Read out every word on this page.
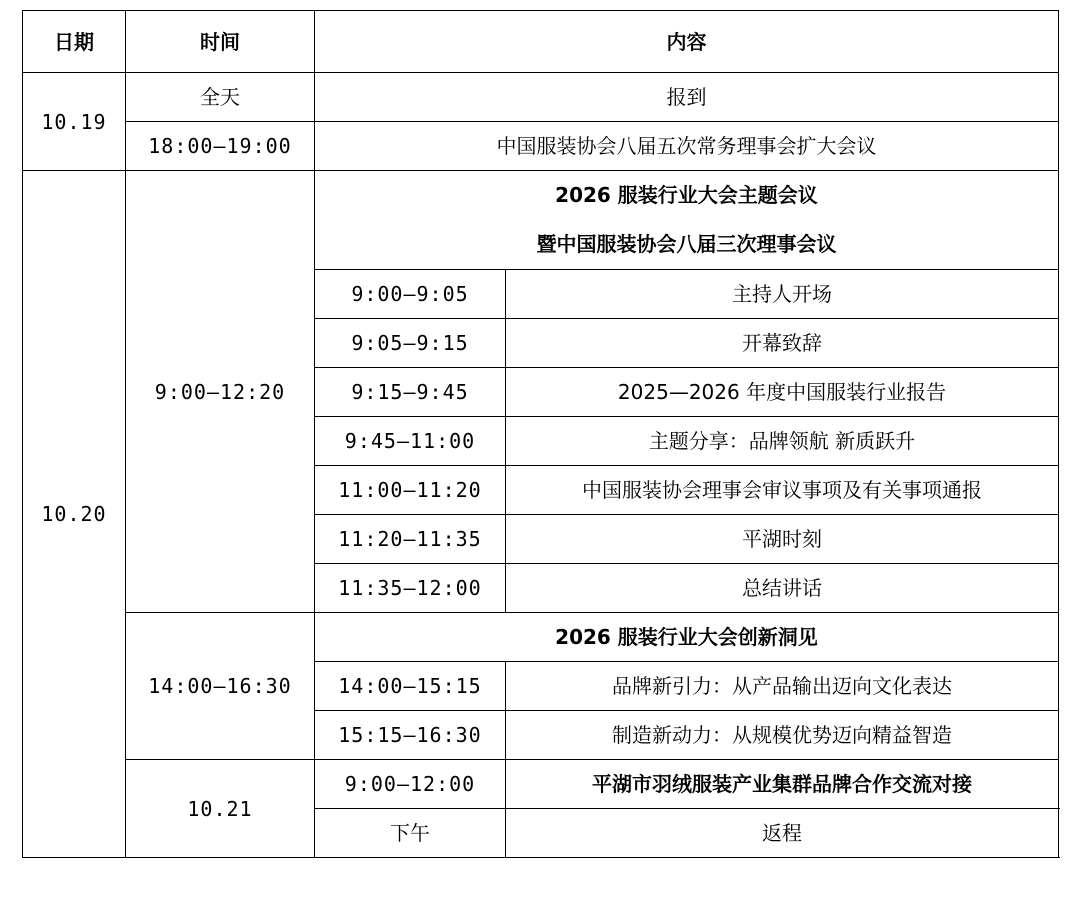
日期	时间	内容	
10.19	全天	报到	
	18:00—19:00	中国服装协会八届五次常务理事会扩大会议	
10.20	9:00—12:20	2026 服装行业大会主题会议
暨中国服装协会八届三次理事会议	

		9:00—9:05	主持人开场
		9:05—9:15	开幕致辞
		9:15—9:45	2025—2026 年度中国服装行业报告
		9:45—11:00	主题分享：品牌领航 新质跃升
		11:00—11:20	中国服装协会理事会审议事项及有关事项通报
		11:20—11:35	平湖时刻
		11:35—12:00	总结讲话
	14:00—16:30	2026 服装行业大会创新洞见	
		14:00—15:15	品牌新引力：从产品输出迈向文化表达
		15:15—16:30	制造新动力：从规模优势迈向精益智造
	10.21	9:00—12:00	平湖市羽绒服装产业集群品牌合作交流对接
		下午	返程
